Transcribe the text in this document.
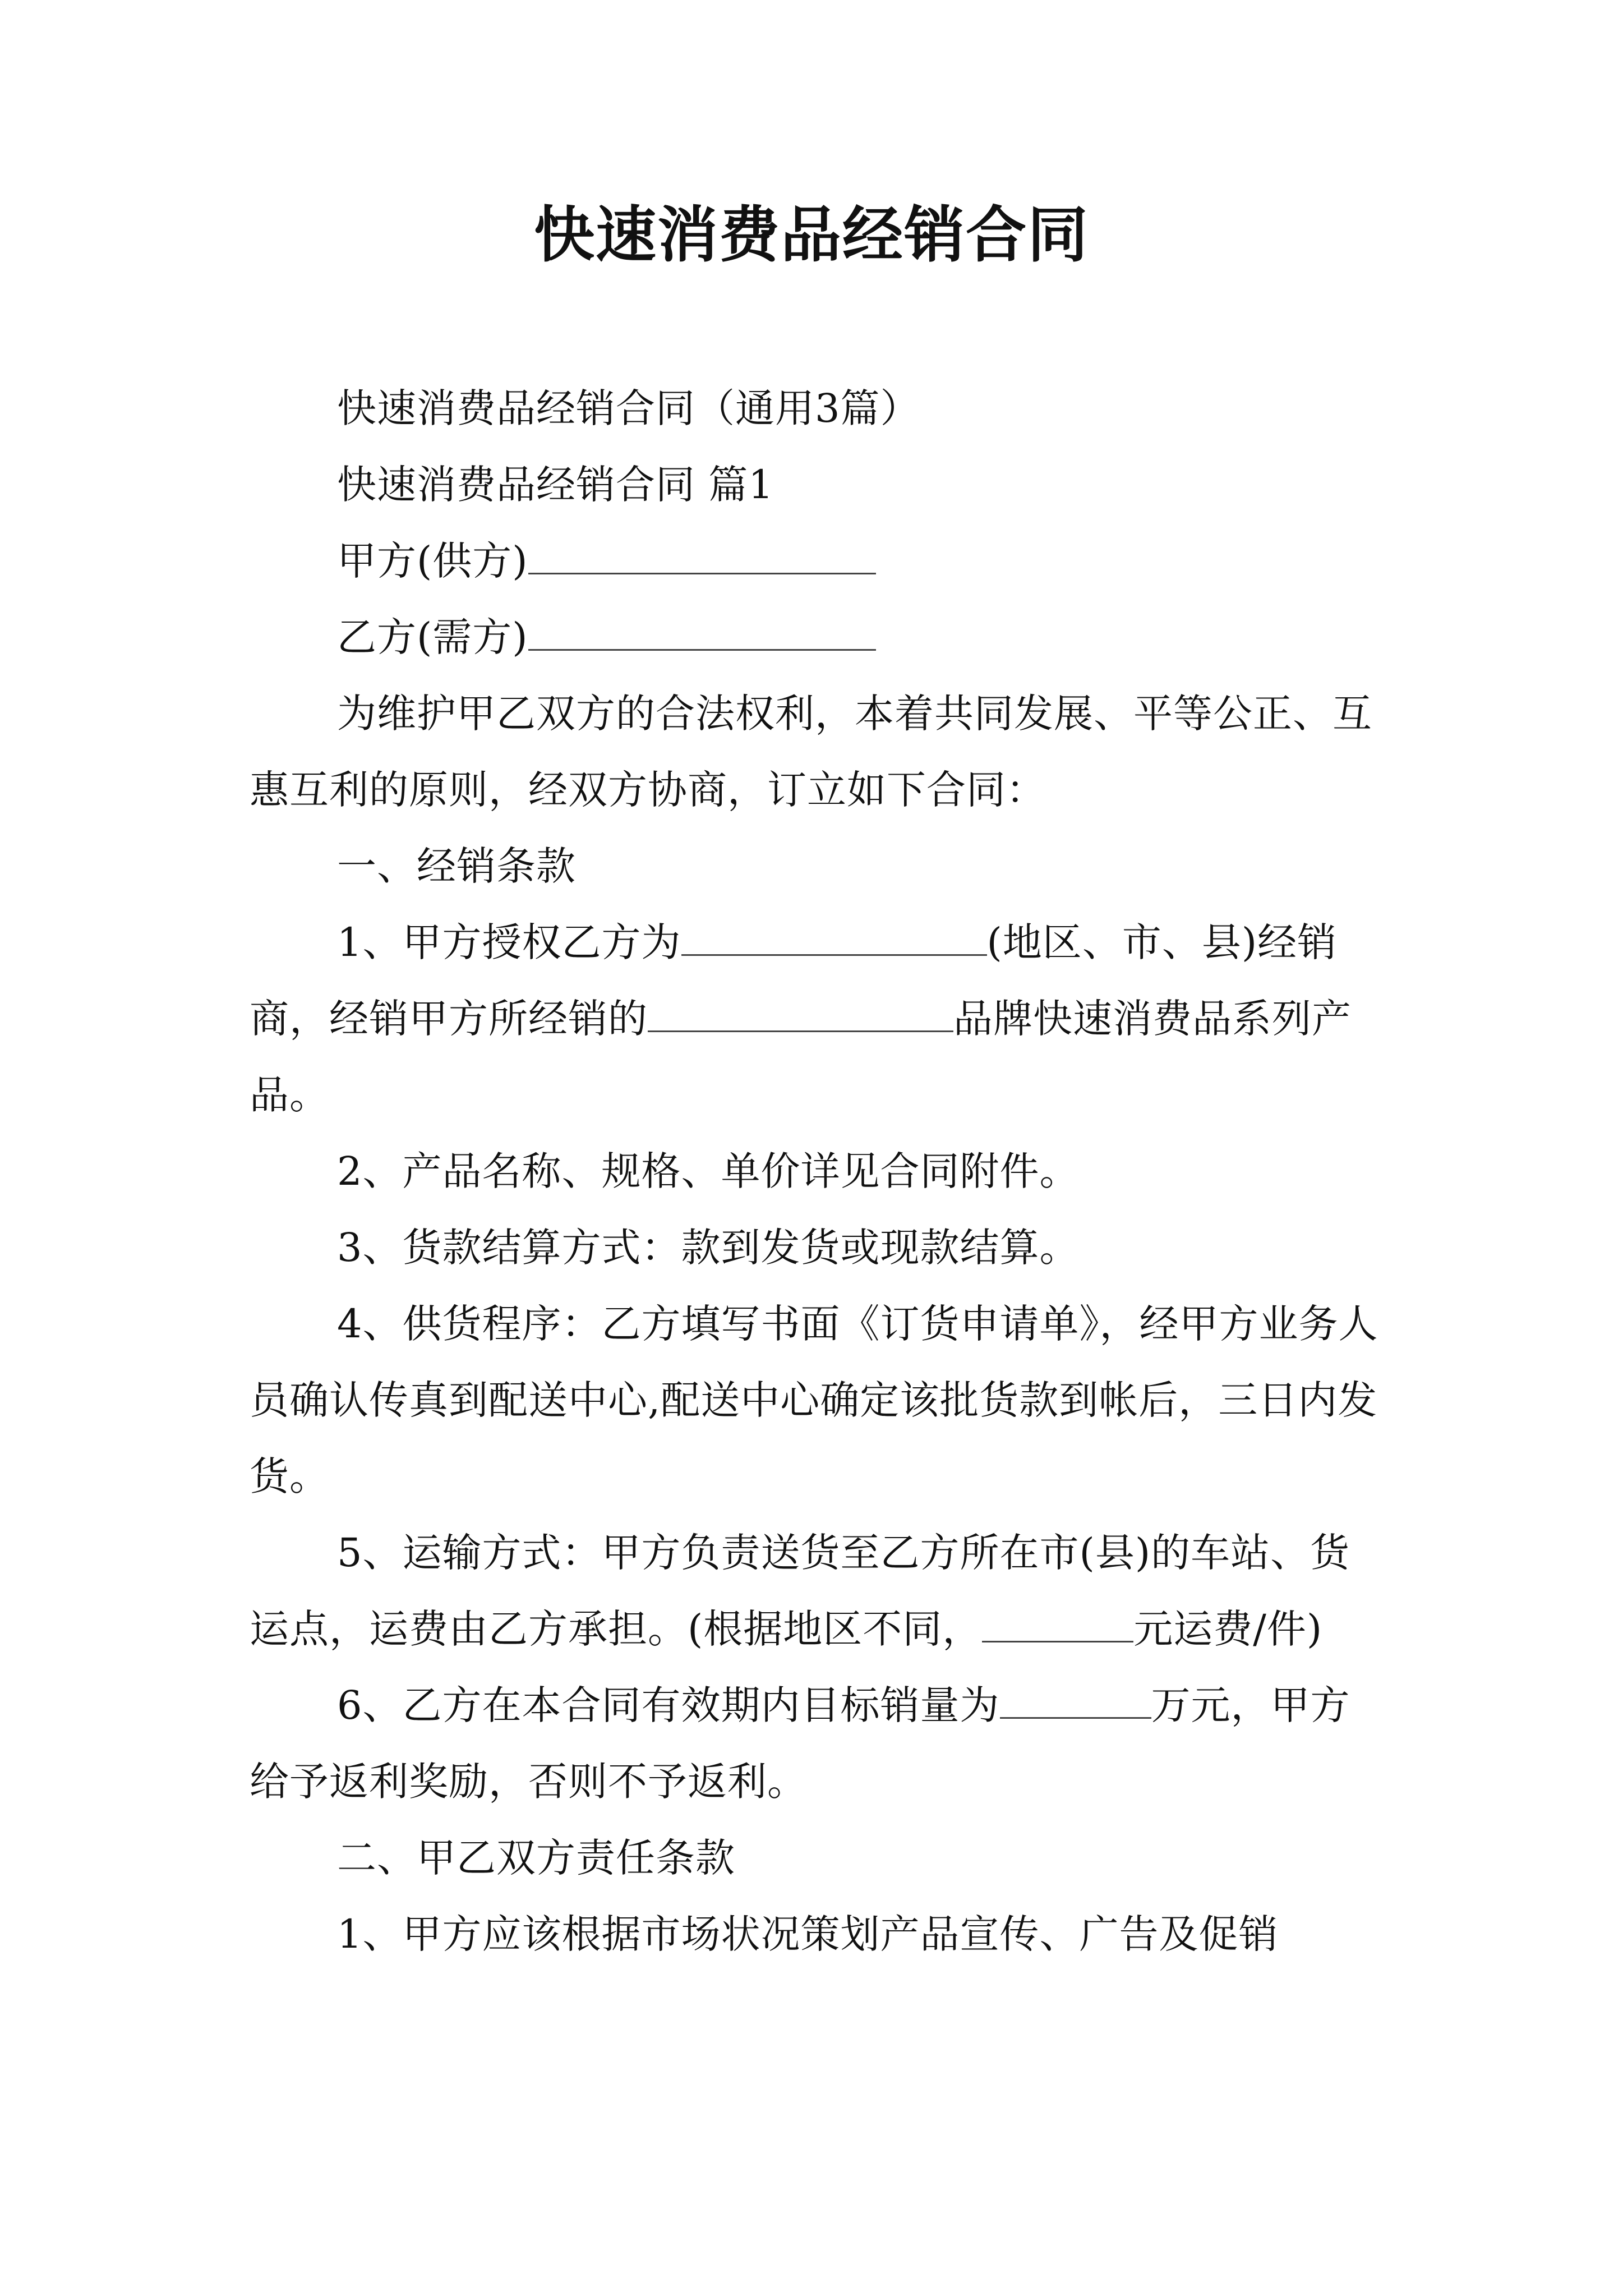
快速消费品经销合同

快速消费品经销合同（通用3篇）

快速消费品经销合同 篇1

甲方(供方)

乙方(需方)

为维护甲乙双方的合法权利，本着共同发展、平等公正、互惠互利的原则，经双方协商，订立如下合同：

一、经销条款

1、甲方授权乙方为	(地区、市、县)经销商，经销甲方所经销的	品牌快速消费品系列产品。

2、产品名称、规格、单价详见合同附件。

3、货款结算方式：款到发货或现款结算。

4、供货程序：乙方填写书面《订货申请单》，经甲方业务人员确认传真到配送中心,配送中心确定该批货款到帐后，三日内发货。

5、运输方式：甲方负责送货至乙方所在市(县)的车站、货运点，运费由乙方承担。(根据地区不同，	元运费/件)

6、乙方在本合同有效期内目标销量为	万元，甲方给予返利奖励，否则不予返利。

二、甲乙双方责任条款

1、甲方应该根据市场状况策划产品宣传、广告及促销
